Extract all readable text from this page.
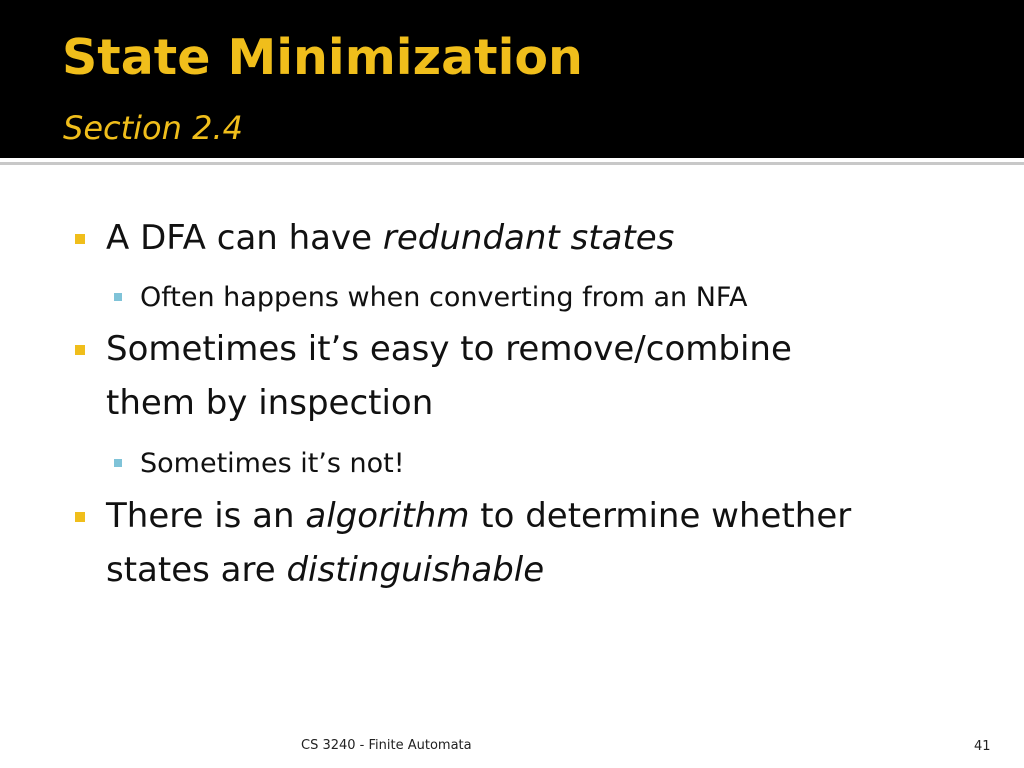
State Minimization
Section 2.4
A DFA can have redundant states
Often happens when converting from an NFA
Sometimes it’s easy to remove/combine
them by inspection
Sometimes it’s not!
There is an algorithm to determine whether
states are distinguishable
CS 3240 - Finite Automata	41
